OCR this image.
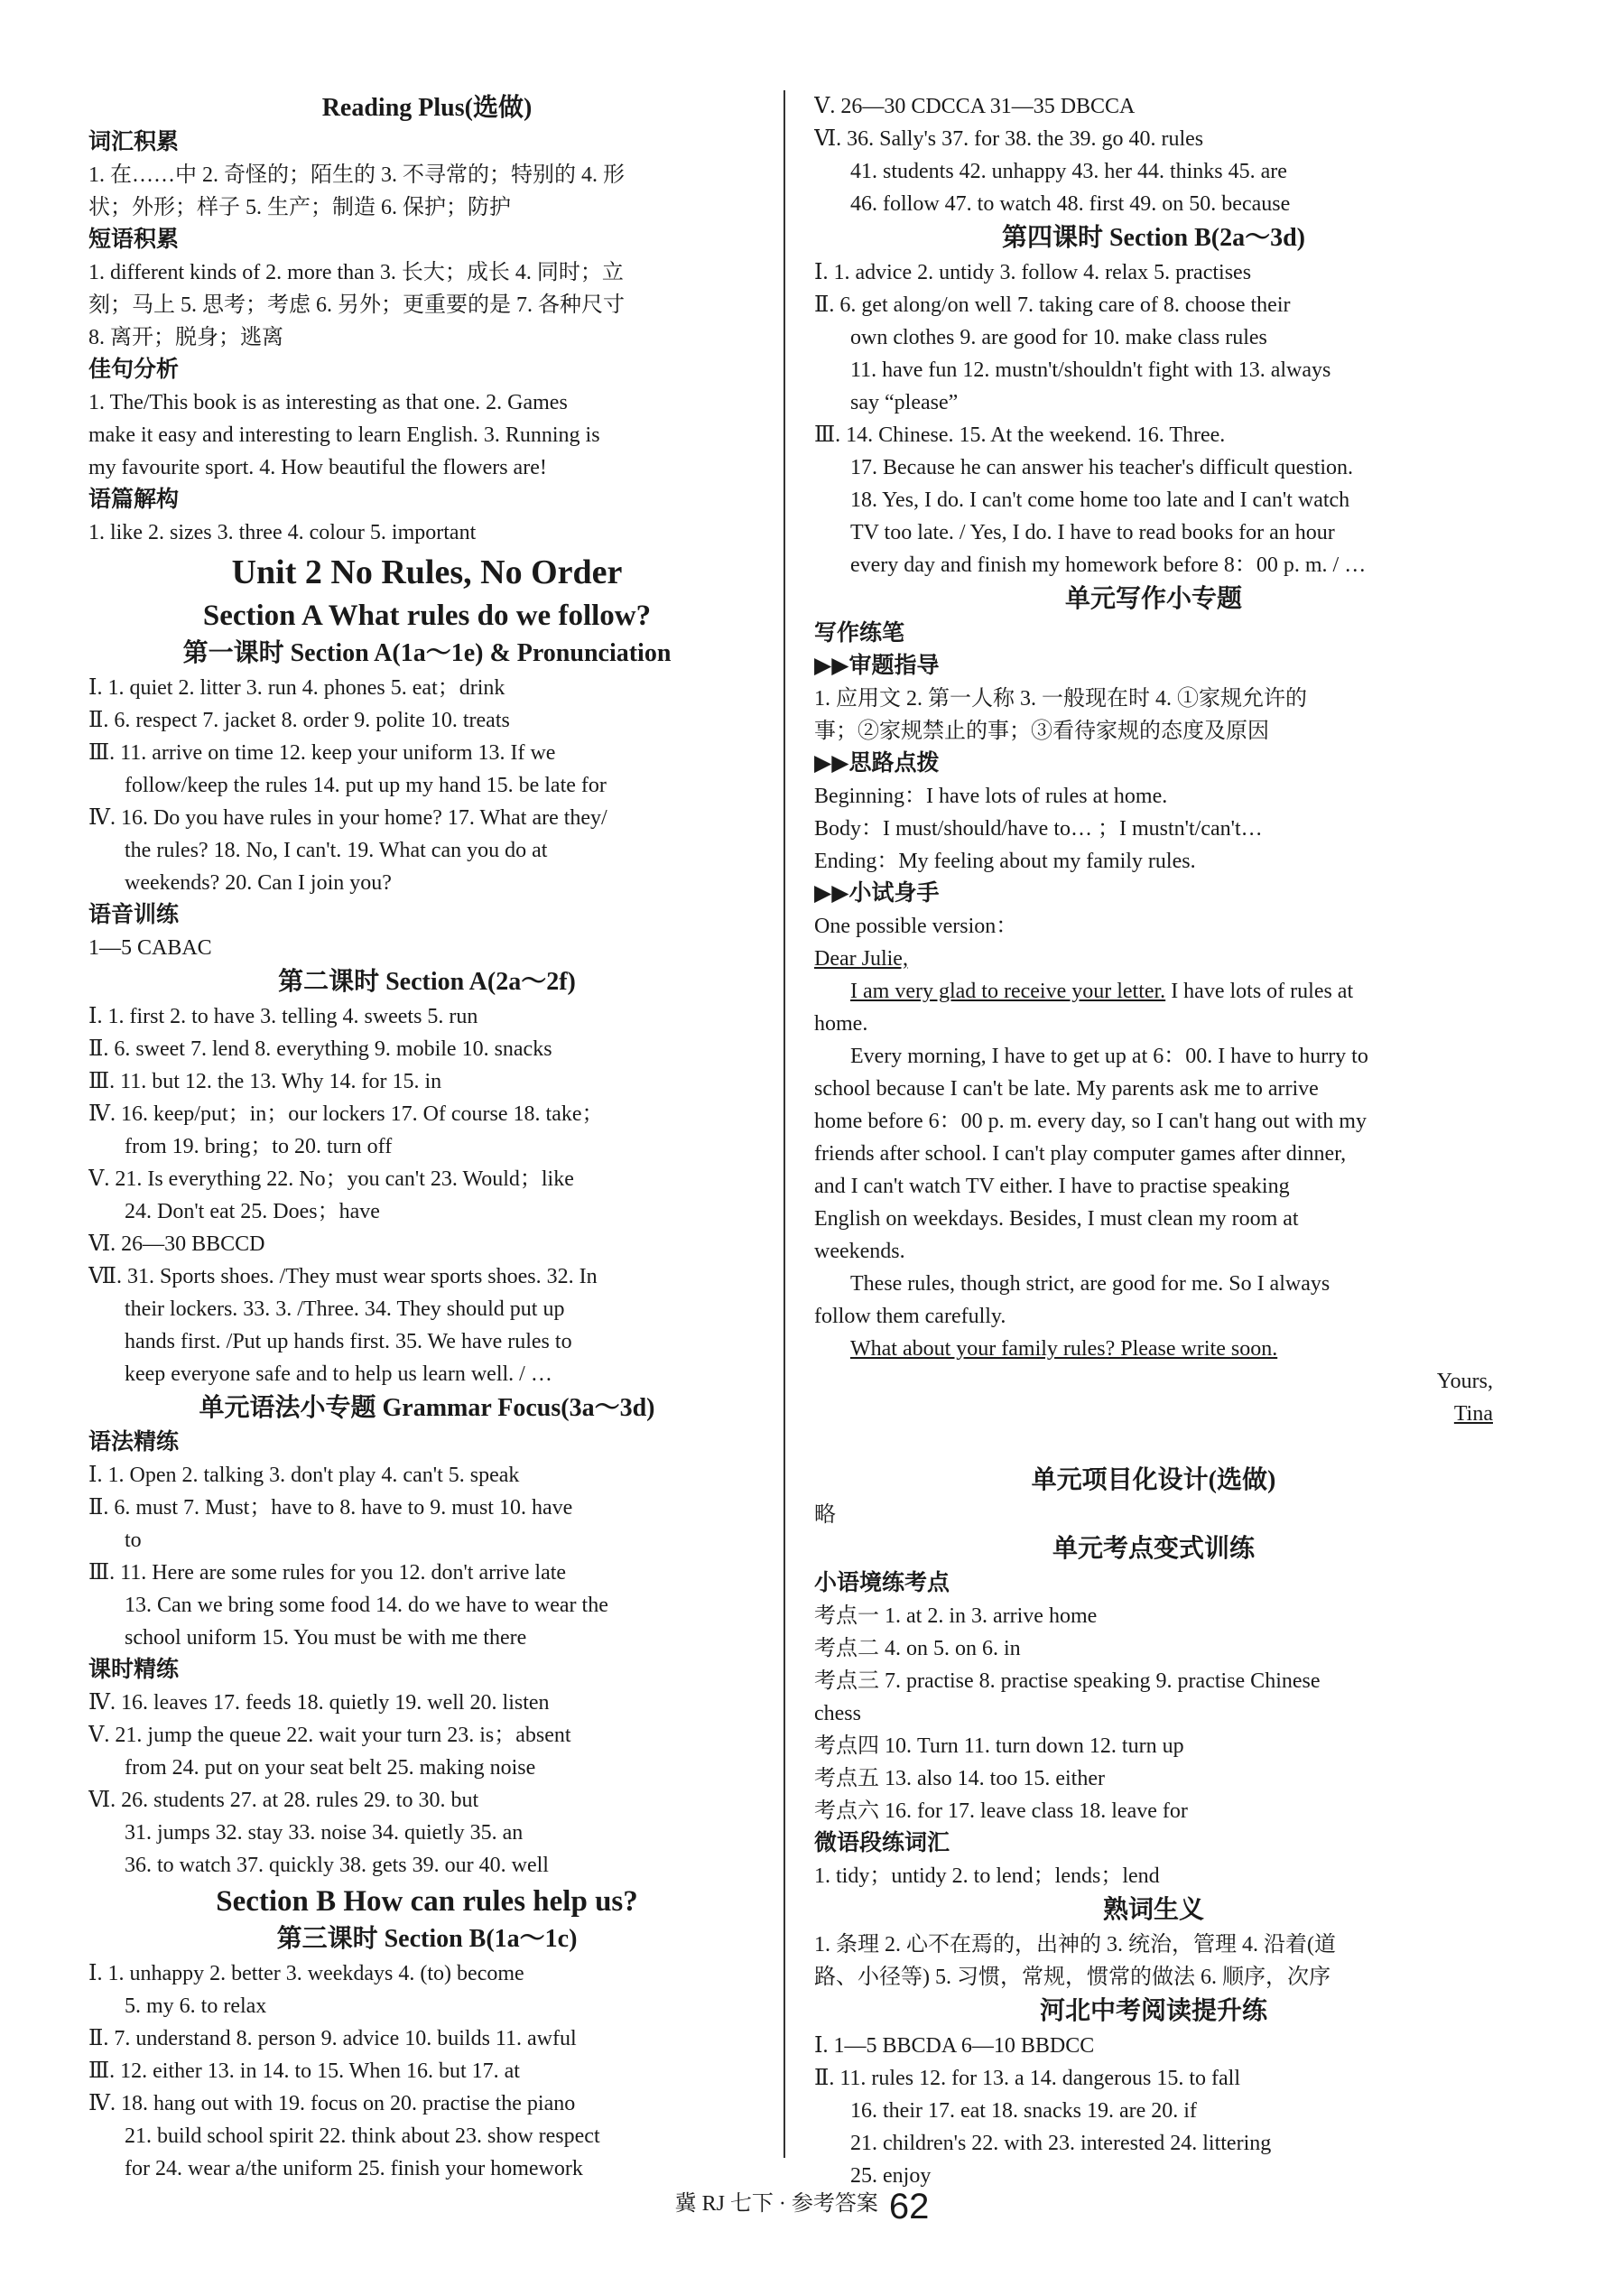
Reading Plus(选做)
词汇积累
1. 在……中 2. 奇怪的；陌生的 3. 不寻常的；特别的 4. 形
状；外形；样子 5. 生产；制造 6. 保护；防护
短语积累
1. different kinds of 2. more than 3. 长大；成长 4. 同时；立
刻；马上 5. 思考；考虑 6. 另外；更重要的是 7. 各种尺寸
8. 离开；脱身；逃离
佳句分析
1. The/This book is as interesting as that one. 2. Games
make it easy and interesting to learn English. 3. Running is
my favourite sport. 4. How beautiful the flowers are!
语篇解构
1. like 2. sizes 3. three 4. colour 5. important
Unit 2 No Rules, No Order
Section A What rules do we follow?
第一课时 Section A(1a～1e) & Pronunciation
Ⅰ. 1. quiet 2. litter 3. run 4. phones 5. eat；drink
Ⅱ. 6. respect 7. jacket 8. order 9. polite 10. treats
Ⅲ. 11. arrive on time 12. keep your uniform 13. If we
follow/keep the rules 14. put up my hand 15. be late for
Ⅳ. 16. Do you have rules in your home? 17. What are they/
the rules? 18. No, I can't. 19. What can you do at
weekends? 20. Can I join you?
语音训练
1—5 CABAC
第二课时 Section A(2a～2f)
Ⅰ. 1. first 2. to have 3. telling 4. sweets 5. run
Ⅱ. 6. sweet 7. lend 8. everything 9. mobile 10. snacks
Ⅲ. 11. but 12. the 13. Why 14. for 15. in
Ⅳ. 16. keep/put；in；our lockers 17. Of course 18. take；
from 19. bring；to 20. turn off
Ⅴ. 21. Is everything 22. No；you can't 23. Would；like
24. Don't eat 25. Does；have
Ⅵ. 26—30 BBCCD
Ⅶ. 31. Sports shoes. /They must wear sports shoes. 32. In
their lockers. 33. 3. /Three. 34. They should put up
hands first. /Put up hands first. 35. We have rules to
keep everyone safe and to help us learn well. / …
单元语法小专题 Grammar Focus(3a～3d)
语法精练
Ⅰ. 1. Open 2. talking 3. don't play 4. can't 5. speak
Ⅱ. 6. must 7. Must；have to 8. have to 9. must 10. have
to
Ⅲ. 11. Here are some rules for you 12. don't arrive late
13. Can we bring some food 14. do we have to wear the
school uniform 15. You must be with me there
课时精练
Ⅳ. 16. leaves 17. feeds 18. quietly 19. well 20. listen
Ⅴ. 21. jump the queue 22. wait your turn 23. is；absent
from 24. put on your seat belt 25. making noise
Ⅵ. 26. students 27. at 28. rules 29. to 30. but
31. jumps 32. stay 33. noise 34. quietly 35. an
36. to watch 37. quickly 38. gets 39. our 40. well
Section B How can rules help us?
第三课时 Section B(1a～1c)
Ⅰ. 1. unhappy 2. better 3. weekdays 4. (to) become
5. my 6. to relax
Ⅱ. 7. understand 8. person 9. advice 10. builds 11. awful
Ⅲ. 12. either 13. in 14. to 15. When 16. but 17. at
Ⅳ. 18. hang out with 19. focus on 20. practise the piano
21. build school spirit 22. think about 23. show respect
for 24. wear a/the uniform 25. finish your homework
Ⅴ. 26—30 CDCCA 31—35 DBCCA
Ⅵ. 36. Sally's 37. for 38. the 39. go 40. rules
41. students 42. unhappy 43. her 44. thinks 45. are
46. follow 47. to watch 48. first 49. on 50. because
第四课时 Section B(2a～3d)
Ⅰ. 1. advice 2. untidy 3. follow 4. relax 5. practises
Ⅱ. 6. get along/on well 7. taking care of 8. choose their
own clothes 9. are good for 10. make class rules
11. have fun 12. mustn't/shouldn't fight with 13. always
say “please”
Ⅲ. 14. Chinese. 15. At the weekend. 16. Three.
17. Because he can answer his teacher's difficult question.
18. Yes, I do. I can't come home too late and I can't watch
TV too late. / Yes, I do. I have to read books for an hour
every day and finish my homework before 8：00 p. m. / …
单元写作小专题
写作练笔
▶▶审题指导
1. 应用文 2. 第一人称 3. 一般现在时 4. ①家规允许的
事；②家规禁止的事；③看待家规的态度及原因
▶▶思路点拨
Beginning：I have lots of rules at home.
Body：I must/should/have to… ；I mustn't/can't…
Ending：My feeling about my family rules.
▶▶小试身手
One possible version：
Dear Julie,
I am very glad to receive your letter. I have lots of rules at
home.
Every morning, I have to get up at 6：00. I have to hurry to
school because I can't be late. My parents ask me to arrive
home before 6：00 p. m. every day, so I can't hang out with my
friends after school. I can't play computer games after dinner,
and I can't watch TV either. I have to practise speaking
English on weekdays. Besides, I must clean my room at
weekends.
These rules, though strict, are good for me. So I always
follow them carefully.
What about your family rules? Please write soon.
Yours,
Tina

单元项目化设计(选做)
略
单元考点变式训练
小语境练考点
考点一 1. at 2. in 3. arrive home
考点二 4. on 5. on 6. in
考点三 7. practise 8. practise speaking 9. practise Chinese
chess
考点四 10. Turn 11. turn down 12. turn up
考点五 13. also 14. too 15. either
考点六 16. for 17. leave class 18. leave for
微语段练词汇
1. tidy；untidy 2. to lend；lends；lend
熟词生义
1. 条理 2. 心不在焉的，出神的 3. 统治，管理 4. 沿着(道
路、小径等) 5. 习惯，常规，惯常的做法 6. 顺序，次序
河北中考阅读提升练
Ⅰ. 1—5 BBCDA 6—10 BBDCC
Ⅱ. 11. rules 12. for 13. a 14. dangerous 15. to fall
16. their 17. eat 18. snacks 19. are 20. if
21. children's 22. with 23. interested 24. littering
25. enjoy
冀 RJ 七下 · 参考答案 62
